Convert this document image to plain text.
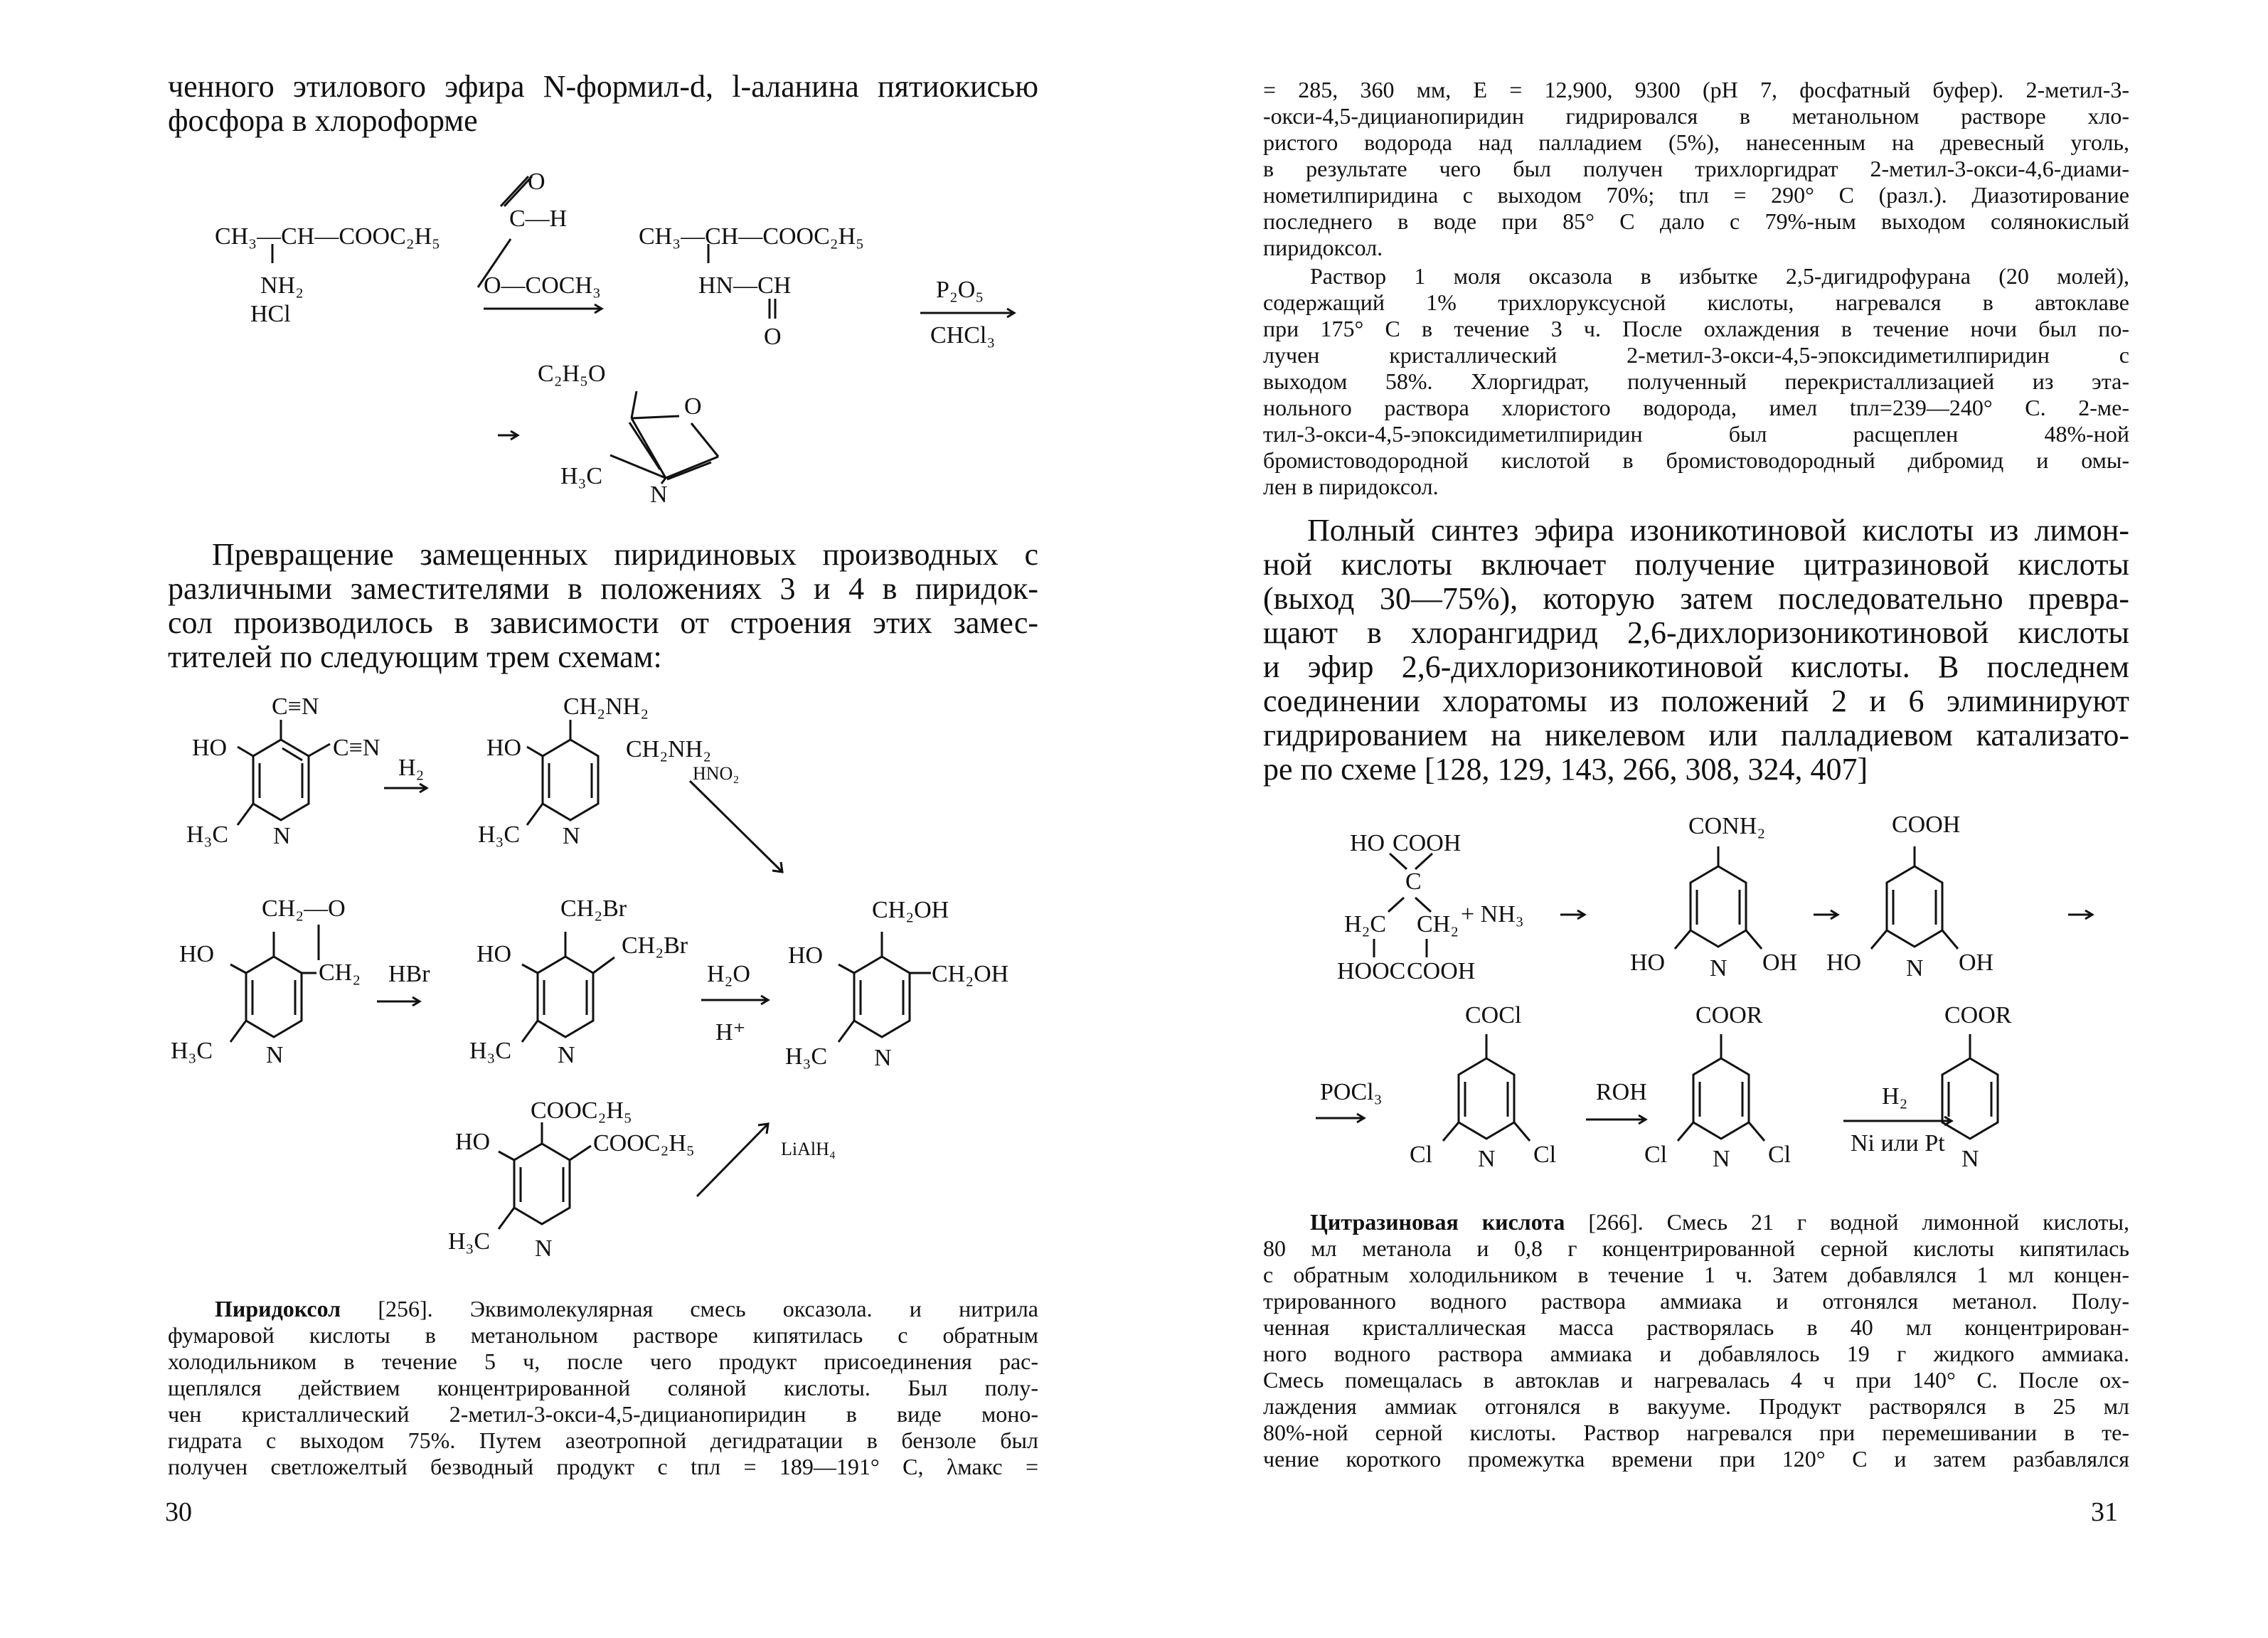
ченного этилового эфира N-формил-d, l-аланина пятиокисью
фосфора в хлороформе
CH₃—CH—COOC₂H₅
NH₂
HCl
O
C—H
O—COCH₃
CH₃—CH—COOC₂H₅
HN—CH
O
P₂O₅
CHCl₃
C₂H₅O
O
H₃C
N
Превращение замещенных пиридиновых производных с
различными заместителями в положениях 3 и 4 в пиридок-
сол производилось в зависимости от строения этих замес-
тителей по следующим трем схемам:
C≡N
HO	C≡N
H₃C N
H₂
CH₂NH₂
HO	CH₂NH₂
H₃C N
HNO₂
CH₂—O
HO
CH₂
H₃C N
HBr
CH₂Br
HO	CH₂Br
H₃C N
H₂O
H⁺
CH₂OH
HO
CH₂OH
H₃C N
COOC₂H₅
HO	COOC₂H₅
H₃C N
LiAlH₄
Пиридоксол [256]. Эквимолекулярная смесь оксазола. и нитрила
фумаровой кислоты в метанольном растворе кипятилась с обратным
холодильником в течение 5 ч, после чего продукт присоединения рас-
щеплялся действием концентрированной соляной кислоты. Был полу-
чен кристаллический 2-метил-3-окси-4,5-дицианопиридин в виде моно-
гидрата с выходом 75%. Путем азеотропной дегидратации в бензоле был
получен светложелтый безводный продукт с tпл = 189—191° С, λмакс =
30
= 285, 360 мм, E = 12,900, 9300 (pH 7, фосфатный буфер). 2-метил-3-
-окси-4,5-дицианопиридин гидрировался в метанольном растворе хло-
ристого водорода над палладием (5%), нанесенным на древесный уголь,
в результате чего был получен трихлоргидрат 2-метил-3-окси-4,6-диами-
нометилпиридина с выходом 70%; tпл = 290° С (разл.). Диазотирование
последнего в воде при 85° С дало с 79%-ным выходом солянокислый
пиридоксол.
Раствор 1 моля оксазола в избытке 2,5-дигидрофурана (20 молей),
содержащий 1% трихлоруксусной кислоты, нагревался в автоклаве
при 175° С в течение 3 ч. После охлаждения в течение ночи был по-
лучен кристаллический 2-метил-3-окси-4,5-эпоксидиметилпиридин с
выходом 58%. Хлоргидрат, полученный перекристаллизацией из эта-
нольного раствора хлористого водорода, имел tпл=239—240° С. 2-ме-
тил-3-окси-4,5-эпоксидиметилпиридин был расщеплен 48%-ной
бромистоводородной кислотой в бромистоводородный дибромид и омы-
лен в пиридоксол.
Полный синтез эфира изоникотиновой кислоты из лимон-
ной кислоты включает получение цитразиновой кислоты
(выход 30—75%), которую затем последовательно превра-
щают в хлорангидрид 2,6-дихлоризоникотиновой кислоты
и эфир 2,6-дихлоризоникотиновой кислоты. В последнем
соединении хлоратомы из положений 2 и 6 элиминируют
гидрированием на никелевом или палладиевом катализато-
ре по схеме [128, 129, 143, 266, 308, 324, 407]
HO COOH
C
H₂C CH₂
HOOC COOH
+ NH₃
CONH₂
HO N OH
COOH
HO N OH
POCl₃
COCl
Cl N Cl
ROH
COOR
Cl N Cl
H₂
Ni или Pt
COOR
N
Цитразиновая кислота [266]. Смесь 21 г водной лимонной кислоты,
80 мл метанола и 0,8 г концентрированной серной кислоты кипятилась
с обратным холодильником в течение 1 ч. Затем добавлялся 1 мл концен-
трированного водного раствора аммиака и отгонялся метанол. Полу-
ченная кристаллическая масса растворялась в 40 мл концентрирован-
ного водного раствора аммиака и добавлялось 19 г жидкого аммиака.
Смесь помещалась в автоклав и нагревалась 4 ч при 140° С. После ох-
лаждения аммиак отгонялся в вакууме. Продукт растворялся в 25 мл
80%-ной серной кислоты. Раствор нагревался при перемешивании в те-
чение короткого промежутка времени при 120° С и затем разбавлялся
31
